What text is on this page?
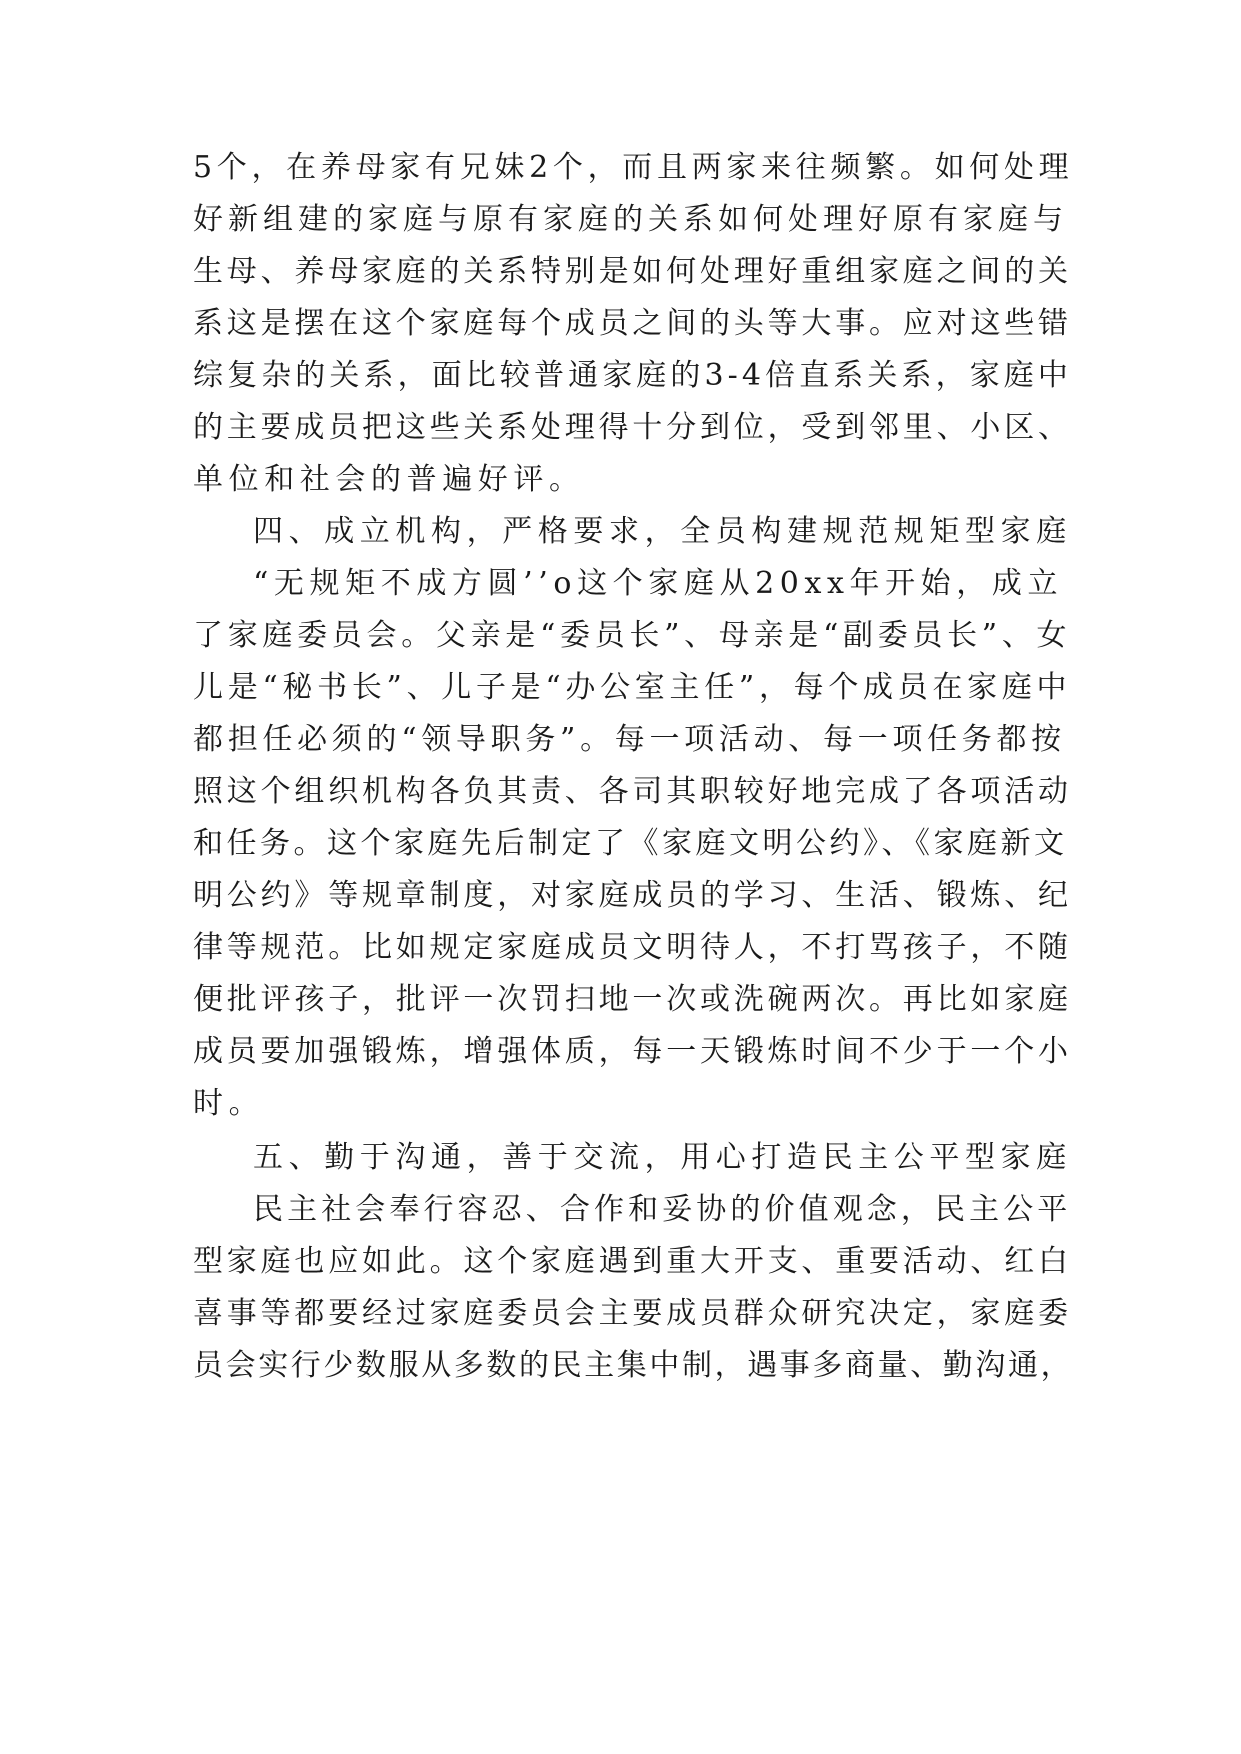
5个，在养母家有兄妹2个，而且两家来往频繁。如何处理
好新组建的家庭与原有家庭的关系如何处理好原有家庭与
生母、养母家庭的关系特别是如何处理好重组家庭之间的关
系这是摆在这个家庭每个成员之间的头等大事。应对这些错
综复杂的关系，面比较普通家庭的3-4倍直系关系，家庭中
的主要成员把这些关系处理得十分到位，受到邻里、小区、
单位和社会的普遍好评。
四、成立机构，严格要求，全员构建规范规矩型家庭
“无规矩不成方圆’’o这个家庭从20xx年开始，成立
了家庭委员会。父亲是“委员长”、母亲是“副委员长”、女
儿是“秘书长”、儿子是“办公室主任”，每个成员在家庭中
都担任必须的“领导职务”。每一项活动、每一项任务都按
照这个组织机构各负其责、各司其职较好地完成了各项活动
和任务。这个家庭先后制定了《家庭文明公约》、《家庭新文
明公约》等规章制度，对家庭成员的学习、生活、锻炼、纪
律等规范。比如规定家庭成员文明待人，不打骂孩子，不随
便批评孩子，批评一次罚扫地一次或洗碗两次。再比如家庭
成员要加强锻炼，增强体质，每一天锻炼时间不少于一个小
时。
五、勤于沟通，善于交流，用心打造民主公平型家庭
民主社会奉行容忍、合作和妥协的价值观念，民主公平
型家庭也应如此。这个家庭遇到重大开支、重要活动、红白
喜事等都要经过家庭委员会主要成员群众研究决定，家庭委
员会实行少数服从多数的民主集中制，遇事多商量、勤沟通，
